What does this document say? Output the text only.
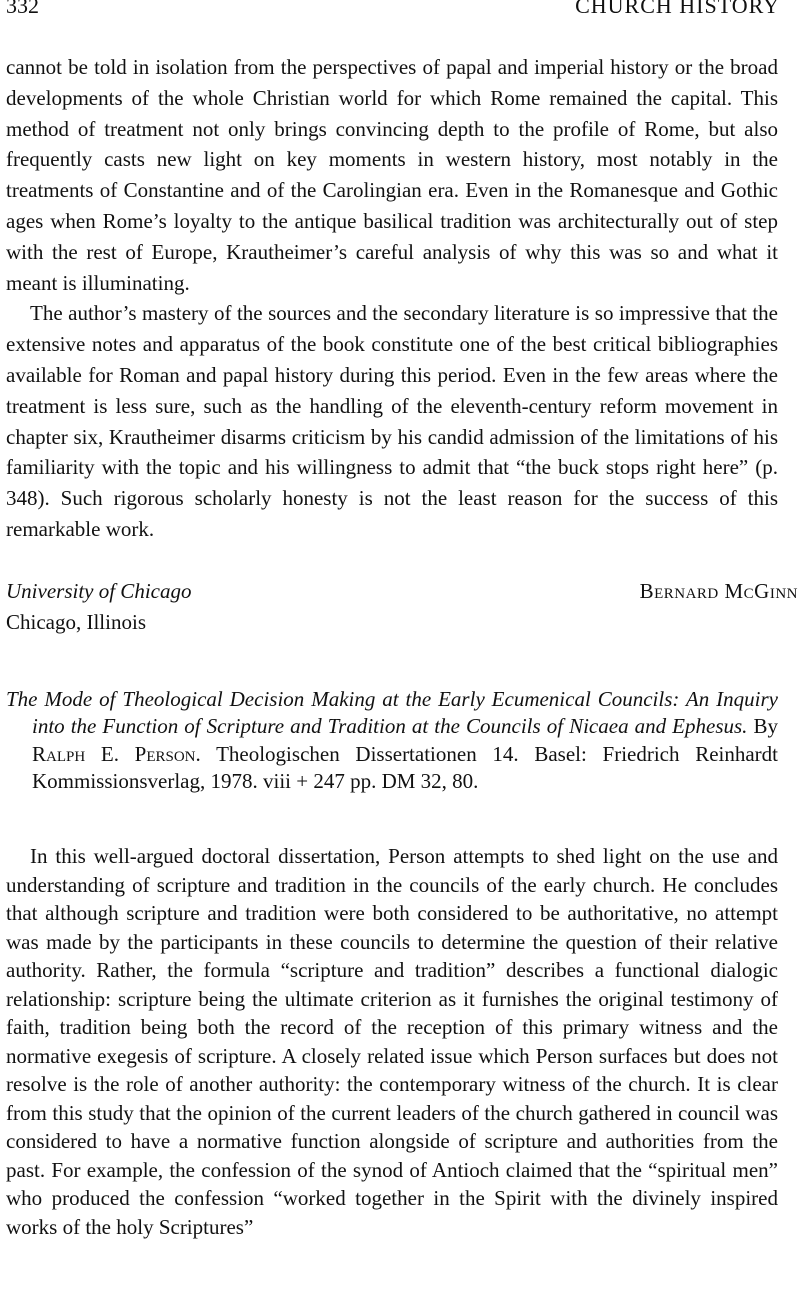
332	CHURCH HISTORY

cannot be told in isolation from the perspectives of papal and imperial history or the broad developments of the whole Christian world for which Rome remained the capital. This method of treatment not only brings convincing depth to the profile of Rome, but also frequently casts new light on key moments in western history, most notably in the treatments of Constantine and of the Carolingian era. Even in the Romanesque and Gothic ages when Rome’s loyalty to the antique basilical tradition was architecturally out of step with the rest of Europe, Krautheimer’s careful analysis of why this was so and what it meant is illuminating.

The author’s mastery of the sources and the secondary literature is so impressive that the extensive notes and apparatus of the book constitute one of the best critical bibliographies available for Roman and papal history during this period. Even in the few areas where the treatment is less sure, such as the handling of the eleventh-century reform movement in chapter six, Krautheimer disarms criticism by his candid admission of the limitations of his familiarity with the topic and his willingness to admit that “the buck stops right here” (p. 348). Such rigorous scholarly honesty is not the least reason for the success of this remarkable work.

University of Chicago	Bernard McGinn
Chicago, Illinois

The Mode of Theological Decision Making at the Early Ecumenical Councils: An Inquiry into the Function of Scripture and Tradition at the Councils of Nicaea and Ephesus. By Ralph E. Person. Theologischen Dissertationen 14. Basel: Friedrich Reinhardt Kommissionsverlag, 1978. viii + 247 pp. DM 32, 80.

In this well-argued doctoral dissertation, Person attempts to shed light on the use and understanding of scripture and tradition in the councils of the early church. He concludes that although scripture and tradition were both considered to be authoritative, no attempt was made by the participants in these councils to determine the question of their relative authority. Rather, the formula “scripture and tradition” describes a functional dialogic relationship: scripture being the ultimate criterion as it furnishes the original testimony of faith, tradition being both the record of the reception of this primary witness and the normative exegesis of scripture. A closely related issue which Person surfaces but does not resolve is the role of another authority: the contemporary witness of the church. It is clear from this study that the opinion of the current leaders of the church gathered in council was considered to have a normative function alongside of scripture and authorities from the past. For example, the confession of the synod of Antioch claimed that the “spiritual men” who produced the confession “worked together in the Spirit with the divinely inspired works of the holy Scriptures”
